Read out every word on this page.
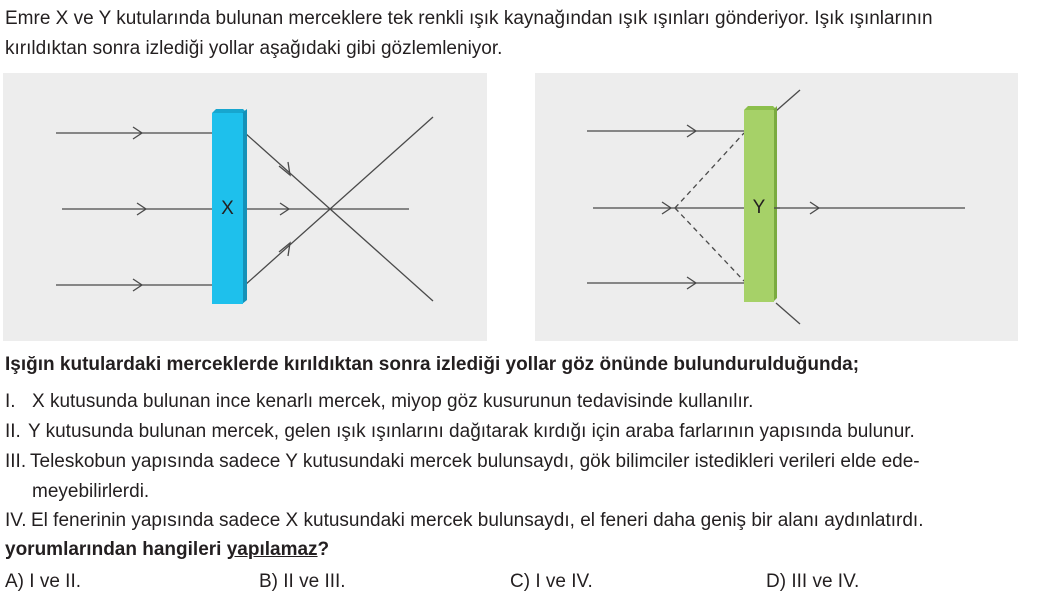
Emre X ve Y kutularında bulunan merceklere tek renkli ışık kaynağından ışık ışınları gönderiyor. Işık ışınlarının
kırıldıktan sonra izlediği yollar aşağıdaki gibi gözlemleniyor.
X	Y
Işığın kutulardaki merceklerde kırıldıktan sonra izlediği yollar göz önünde bulundurulduğunda;
I. X kutusunda bulunan ince kenarlı mercek, miyop göz kusurunun tedavisinde kullanılır.
II. Y kutusunda bulunan mercek, gelen ışık ışınlarını dağıtarak kırdığı için araba farlarının yapısında bulunur.
III. Teleskobun yapısında sadece Y kutusundaki mercek bulunsaydı, gök bilimciler istedikleri verileri elde ede-
meyebilirlerdi.
IV. El fenerinin yapısında sadece X kutusundaki mercek bulunsaydı, el feneri daha geniş bir alanı aydınlatırdı.
yorumlarından hangileri yapılamaz?
A) I ve II.	B) II ve III.	C) I ve IV.	D) III ve IV.
